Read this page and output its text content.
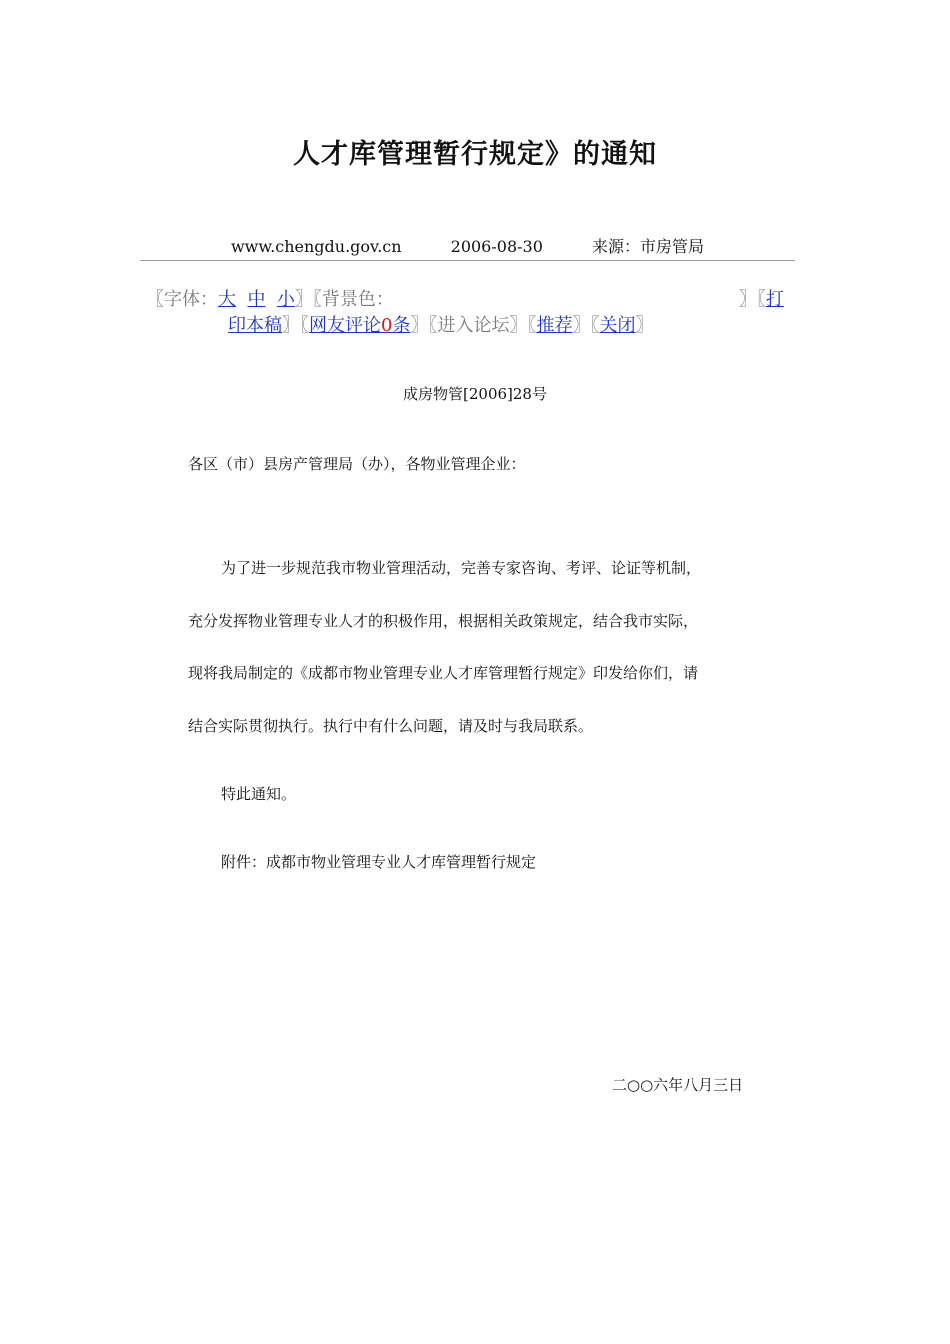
人才库管理暂行规定》的通知
www.chengdu.gov.cn	2006-08-30	来源：市房管局
〖字体：大 中 小〗〖背景色：	〗〖打
印本稿〗〖网友评论0条〗〖进入论坛〗〖推荐〗〖关闭〗
成房物管[2006]28号
各区（市）县房产管理局（办），各物业管理企业：
为了进一步规范我市物业管理活动，完善专家咨询、考评、论证等机制，
充分发挥物业管理专业人才的积极作用，根据相关政策规定，结合我市实际，
现将我局制定的《成都市物业管理专业人才库管理暂行规定》印发给你们，请
结合实际贯彻执行。执行中有什么问题，请及时与我局联系。
特此通知。
附件：成都市物业管理专业人才库管理暂行规定
二○○六年八月三日
